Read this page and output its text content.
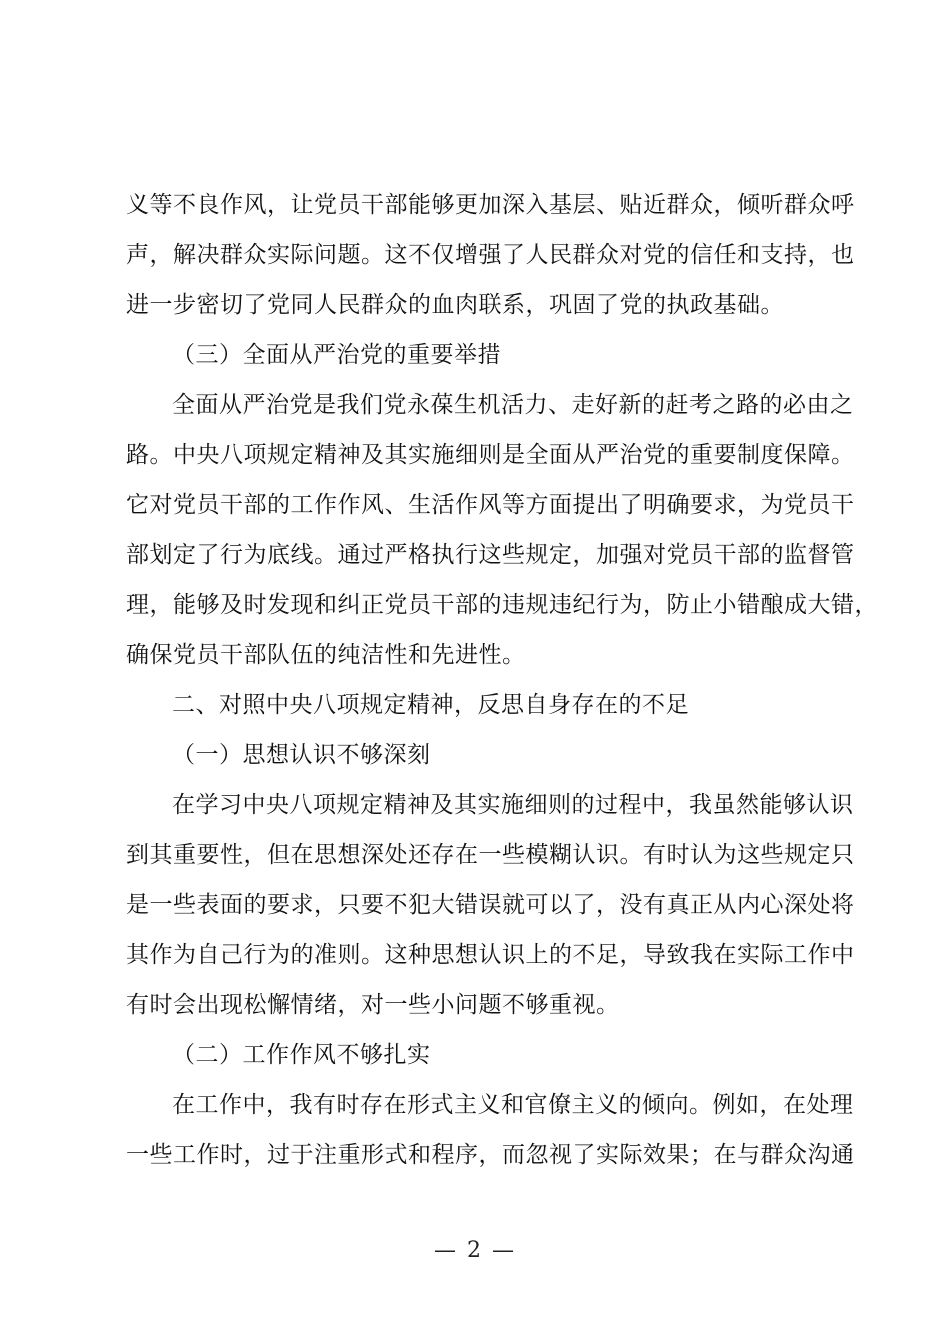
义等不良作风，让党员干部能够更加深入基层、贴近群众，倾听群众呼
声，解决群众实际问题。这不仅增强了人民群众对党的信任和支持，也
进一步密切了党同人民群众的血肉联系，巩固了党的执政基础。
（三）全面从严治党的重要举措
全面从严治党是我们党永葆生机活力、走好新的赶考之路的必由之
路。中央八项规定精神及其实施细则是全面从严治党的重要制度保障。
它对党员干部的工作作风、生活作风等方面提出了明确要求，为党员干
部划定了行为底线。通过严格执行这些规定，加强对党员干部的监督管
理，能够及时发现和纠正党员干部的违规违纪行为，防止小错酿成大错，
确保党员干部队伍的纯洁性和先进性。
二、对照中央八项规定精神，反思自身存在的不足
（一）思想认识不够深刻
在学习中央八项规定精神及其实施细则的过程中，我虽然能够认识
到其重要性，但在思想深处还存在一些模糊认识。有时认为这些规定只
是一些表面的要求，只要不犯大错误就可以了，没有真正从内心深处将
其作为自己行为的准则。这种思想认识上的不足，导致我在实际工作中
有时会出现松懈情绪，对一些小问题不够重视。
（二）工作作风不够扎实
在工作中，我有时存在形式主义和官僚主义的倾向。例如，在处理
一些工作时，过于注重形式和程序，而忽视了实际效果；在与群众沟通
— 2 —
